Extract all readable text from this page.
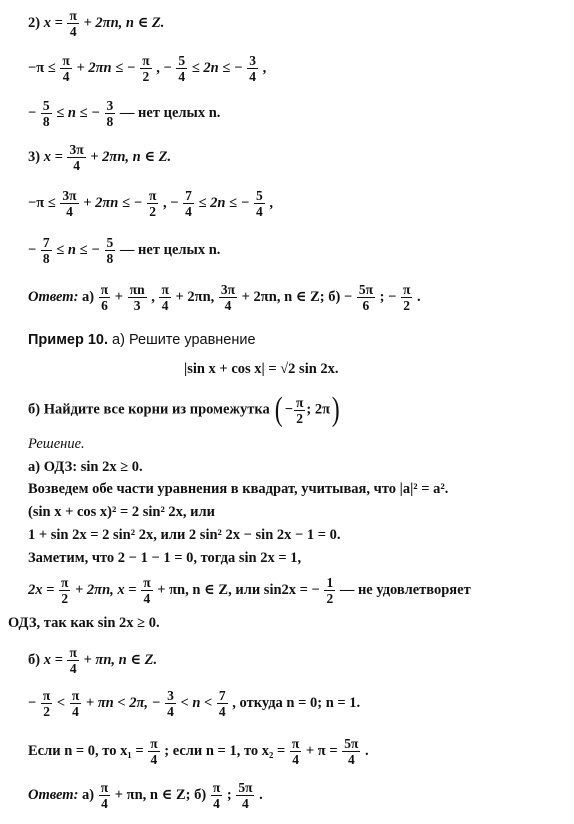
2) $x = \frac{\pi}{4} + 2\pi n$, n ∈ Z.
$-\pi \le \frac{\pi}{4} + 2\pi n$ ≤ − $\frac{\pi}{2}$ , − $\frac{5}{4} \le 2n$ ≤ − $\frac{3}{4}$ ,
− $\frac{5}{8} \le n$ ≤ − $\frac{3}{8}$ — нет целых n.
3) $x = \frac{3\pi}{4} + 2\pi n$, n ∈ Z.
$-\pi \le \frac{3\pi}{4} + 2\pi n$ ≤ − $\frac{\pi}{2}$ , − $\frac{7}{4} \le 2n$ ≤ − $\frac{5}{4}$ ,
− $\frac{7}{8} \le n$ ≤ − $\frac{5}{8}$ — нет целых n.
Ответ: $а) \frac{\pi}{6} + \frac{\pi n}{3}$ , $\frac{\pi}{4} + 2\pi n$, $\frac{3\pi}{4} + 2\pi n$, n ∈ Z; $б) - \frac{5\pi}{6}$ ; − $\frac{\pi}{2}$ .
Пример 10. а) Решите уравнение
|sin x + cos x| = √2 sin 2x.
б) Найдите все корни из промежутка ( − $\frac{\pi}{2}$ ; 2π)
Решение.
а) ОДЗ: sin 2x ≥ 0.
Возведем обе части уравнения в квадрат, учитывая, что |a|² = a².
(sin x + cos x)² = 2 sin² 2x, или
1 + sin 2x = 2 sin² 2x, или 2 sin² 2x − sin 2x − 1 = 0.
Заметим, что 2 − 1 − 1 = 0, тогда sin 2x = 1,
$2x = \frac{\pi}{2} + 2\pi n$, $x = \frac{\pi}{4} + \pi n$, n ∈ Z, или sin2x = − $\frac{1}{2}$ — не удовлетворяет
ОДЗ, так как sin 2x ≥ 0.
б) $x = \frac{\pi}{4} + \pi n$, n ∈ Z.
− $\frac{\pi}{2} < \frac{\pi}{4} + \pi n < 2\pi$, − $\frac{3}{4} < n < \frac{7}{4}$ , откуда n = 0; n = 1.
Если n = 0, то $x_1 = \frac{\pi}{4}$ ; если n = 1, то $x_2 = \frac{\pi}{4} + \pi = \frac{5\pi}{4}$ .
Ответ: $а) \frac{\pi}{4} + \pi n$, n ∈ Z; $б) \frac{\pi}{4}$ ; $\frac{5\pi}{4}$ .
